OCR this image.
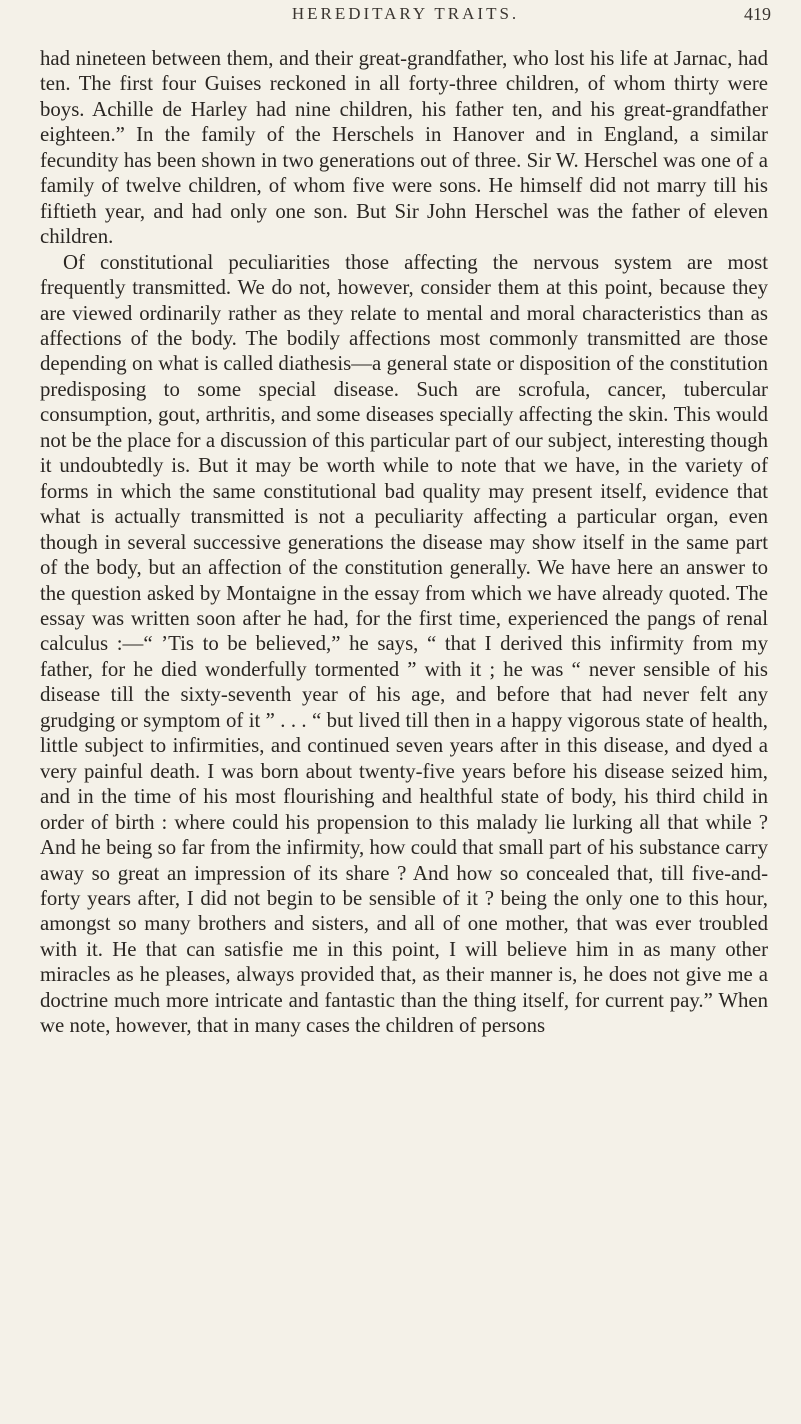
HEREDITARY TRAITS.	419

had nineteen between them, and their great-grandfather, who lost his life at Jarnac, had ten. The first four Guises reckoned in all forty-three children, of whom thirty were boys. Achille de Harley had nine children, his father ten, and his great-grandfather eighteen.” In the family of the Herschels in Hanover and in England, a similar fecundity has been shown in two generations out of three. Sir W. Herschel was one of a family of twelve children, of whom five were sons. He himself did not marry till his fiftieth year, and had only one son. But Sir John Herschel was the father of eleven children.

Of constitutional peculiarities those affecting the nervous system are most frequently transmitted. We do not, however, consider them at this point, because they are viewed ordinarily rather as they relate to mental and moral characteristics than as affections of the body. The bodily affections most commonly transmitted are those depending on what is called diathesis—a general state or disposition of the constitution predisposing to some special disease. Such are scrofula, cancer, tubercular consumption, gout, arthritis, and some diseases specially affecting the skin. This would not be the place for a discussion of this particular part of our subject, interesting though it undoubtedly is. But it may be worth while to note that we have, in the variety of forms in which the same constitutional bad quality may present itself, evidence that what is actually transmitted is not a peculiarity affecting a particular organ, even though in several successive generations the disease may show itself in the same part of the body, but an affection of the constitution generally. We have here an answer to the question asked by Montaigne in the essay from which we have already quoted. The essay was written soon after he had, for the first time, experienced the pangs of renal calculus :—“ ’Tis to be believed,” he says, “ that I derived this infirmity from my father, for he died wonderfully tormented ” with it ; he was “ never sensible of his disease till the sixty-seventh year of his age, and before that had never felt any grudging or symptom of it ” . . . “ but lived till then in a happy vigorous state of health, little subject to infirmities, and continued seven years after in this disease, and dyed a very painful death. I was born about twenty-five years before his disease seized him, and in the time of his most flourishing and healthful state of body, his third child in order of birth : where could his propension to this malady lie lurking all that while ? And he being so far from the infirmity, how could that small part of his substance carry away so great an impression of its share ? And how so concealed that, till five-and-forty years after, I did not begin to be sensible of it ? being the only one to this hour, amongst so many brothers and sisters, and all of one mother, that was ever troubled with it. He that can satisfie me in this point, I will believe him in as many other miracles as he pleases, always provided that, as their manner is, he does not give me a doctrine much more intricate and fantastic than the thing itself, for current pay.” When we note, however, that in many cases the children of persons
